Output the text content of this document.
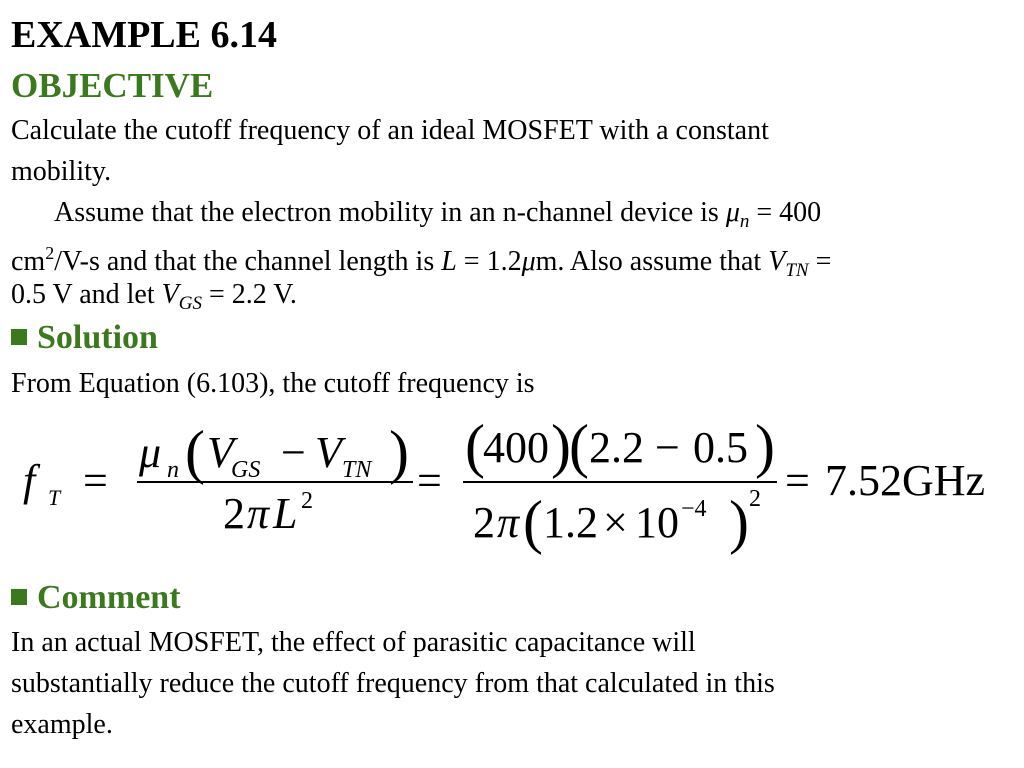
EXAMPLE 6.14
OBJECTIVE
Calculate the cutoff frequency of an ideal MOSFET with a constant
mobility.
Assume that the electron mobility in an n-channel device is $\mu_n = 400$
$cm^2/V-s$ and that the channel length is L = 1.2μm. Also assume that $V_{TN}$ =
0.5 V and let $V_{GS} = 2.2$ V.
Solution
From Equation (6.103), the cutoff frequency is
f T =
μ n ( V
GS − V TN )
2 π L 2 =
(
400 )
( 2.2 − 0.5 )
2 π ( 1.2 × 10 −4 ) 2 = 7.52GHz
Comment
In an actual MOSFET, the effect of parasitic capacitance will
substantially reduce the cutoff frequency from that calculated in this
example.
